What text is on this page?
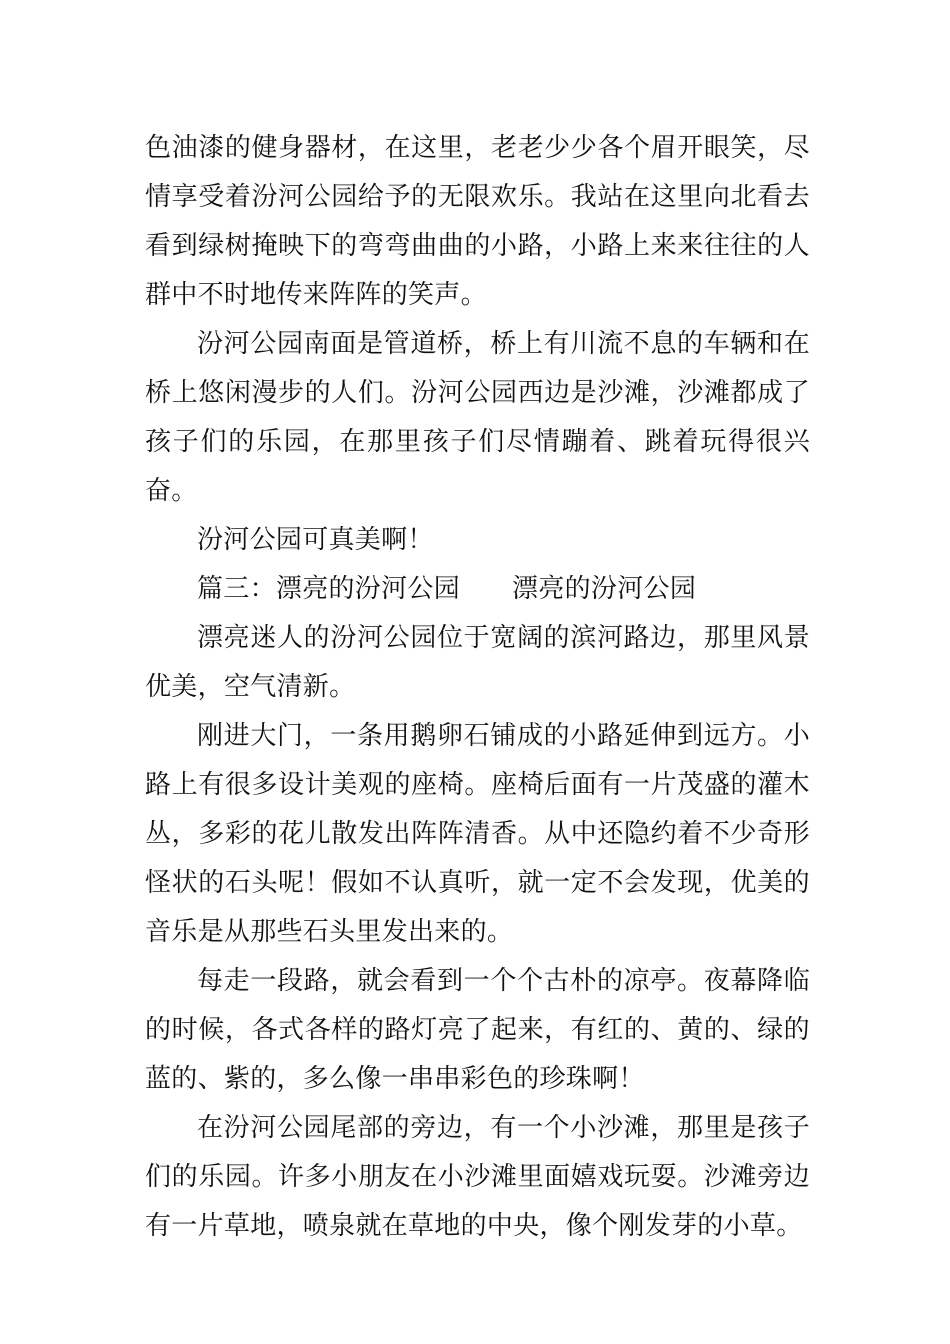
色油漆的健身器材，在这里，老老少少各个眉开眼笑，尽情享受着汾河公园给予的无限欢乐。我站在这里向北看去看到绿树掩映下的弯弯曲曲的小路，小路上来来往往的人群中不时地传来阵阵的笑声。

汾河公园南面是管道桥，桥上有川流不息的车辆和在桥上悠闲漫步的人们。汾河公园西边是沙滩，沙滩都成了孩子们的乐园，在那里孩子们尽情蹦着、跳着玩得很兴奋。

汾河公园可真美啊！

篇三：漂亮的汾河公园 漂亮的汾河公园

漂亮迷人的汾河公园位于宽阔的滨河路边，那里风景优美，空气清新。

刚进大门，一条用鹅卵石铺成的小路延伸到远方。小路上有很多设计美观的座椅。座椅后面有一片茂盛的灌木丛，多彩的花儿散发出阵阵清香。从中还隐约着不少奇形怪状的石头呢！假如不认真听，就一定不会发现，优美的音乐是从那些石头里发出来的。

每走一段路，就会看到一个个古朴的凉亭。夜幕降临的时候，各式各样的路灯亮了起来，有红的、黄的、绿的蓝的、紫的，多么像一串串彩色的珍珠啊！

在汾河公园尾部的旁边，有一个小沙滩，那里是孩子们的乐园。许多小朋友在小沙滩里面嬉戏玩耍。沙滩旁边有一片草地，喷泉就在草地的中央，像个刚发芽的小草。
